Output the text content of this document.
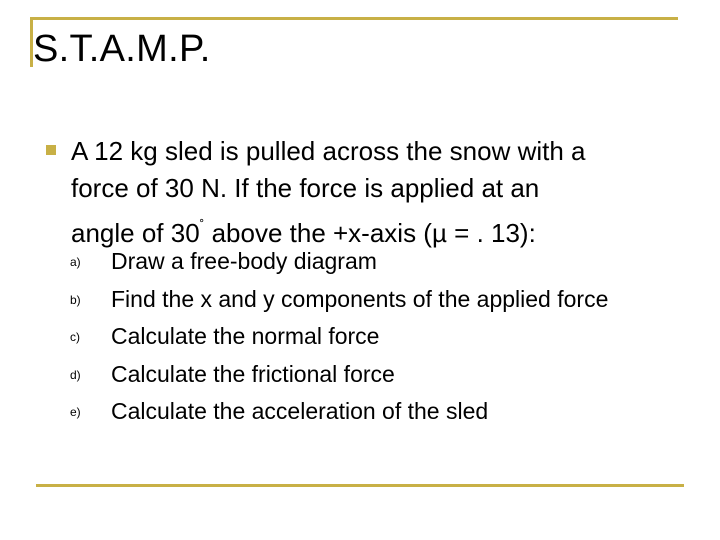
S.T.A.M.P.
A 12 kg sled is pulled across the snow with a
force of 30 N. If the force is applied at an
angle of 30˚ above the +x-axis (µ = . 13):
a) Draw a free-body diagram
b) Find the x and y components of the applied force
c) Calculate the normal force
d) Calculate the frictional force
e) Calculate the acceleration of the sled
